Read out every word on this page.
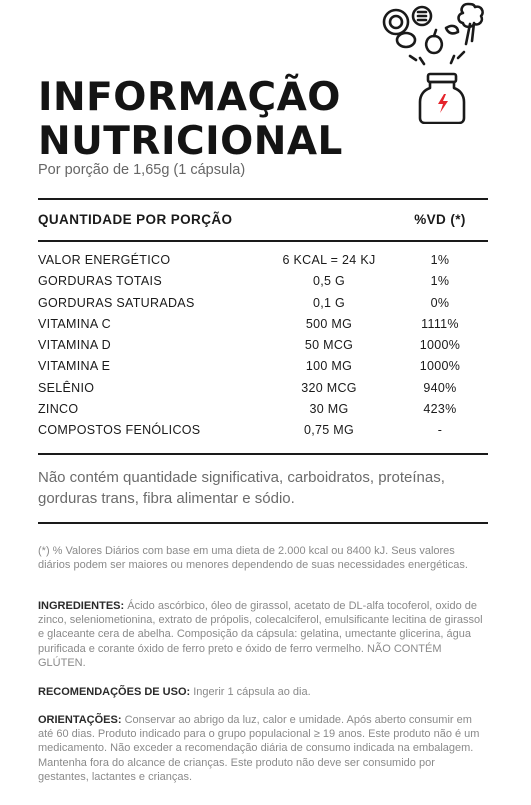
INFORMAÇÃO
NUTRICIONAL
Por porção de 1,65g (1 cápsula)
QUANTIDADE POR PORÇÃO	%VD (*)
VALOR ENERGÉTICO	6 KCAL = 24 KJ	1%
GORDURAS TOTAIS	0,5 G	1%
GORDURAS SATURADAS	0,1 G	0%
VITAMINA C	500 MG	1111%
VITAMINA D	50 MCG	1000%
VITAMINA E	100 MG	1000%
SELÊNIO	320 MCG	940%
ZINCO	30 MG	423%
COMPOSTOS FENÓLICOS	0,75 MG	-
Não contém quantidade significativa, carboidratos, proteínas, gorduras trans, fibra alimentar e sódio.

(*) % Valores Diários com base em uma dieta de 2.000 kcal ou 8400 kJ. Seus valores diários podem ser maiores ou menores dependendo de suas necessidades energéticas.

INGREDIENTES: Ácido ascórbico, óleo de girassol, acetato de DL-alfa tocoferol, oxido de zinco, selenіometionina, extrato de própolis, colecalciferol, emulsificante lecitina de girassol e glaceante cera de abelha. Composição da cápsula: gelatina, umectante glicerina, água purificada e corante óxido de ferro preto e óxido de ferro vermelho. NÃO CONTÉM GLÚTEN.

RECOMENDAÇÕES DE USO: Ingerir 1 cápsula ao dia.

ORIENTAÇÕES: Conservar ao abrigo da luz, calor e umidade. Após aberto consumir em até 60 dias. Produto indicado para o grupo populacional ≥ 19 anos. Este produto não é um medicamento. Não exceder a recomendação diária de consumo indicada na embalagem. Mantenha fora do alcance de crianças. Este produto não deve ser consumido por gestantes, lactantes e crianças.
